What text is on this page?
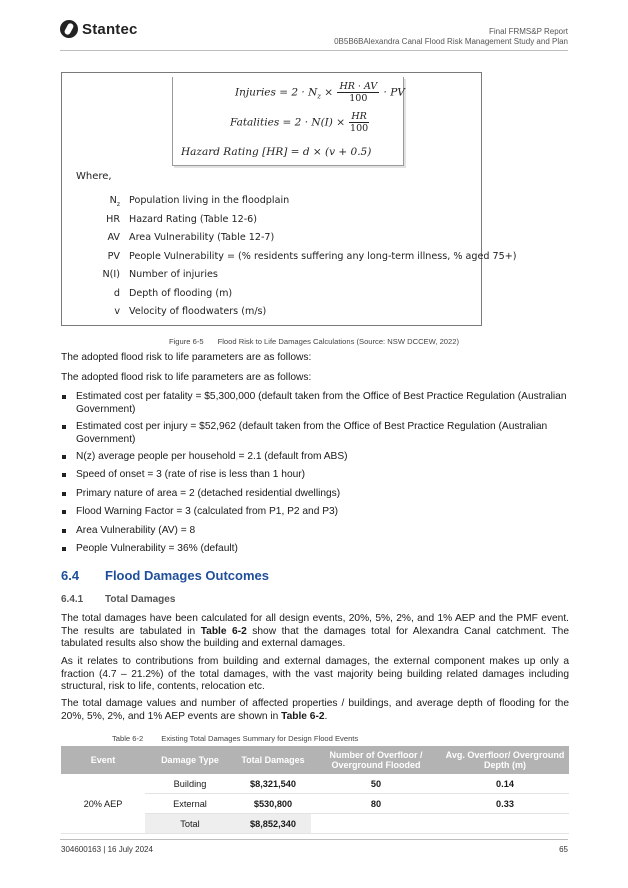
Stantec	Final FRMS&P Report
0B5B6BAlexandra Canal Flood Risk Management Study and Plan
Injuries = $2 \cdot N_z \times \frac{HR \cdot AV}{100}$ · PV
Fatalities = $2 \cdot N(I) \times \frac{HR}{100}$
Hazard Rating [HR] = d × (v + 0.5)
Where,
$N_z$ Population living in the floodplain
HR Hazard Rating (Table 12-6)
AV Area Vulnerability (Table 12-7)
PV People Vulnerability = (% residents suffering any long-term illness, % aged 75+)
N(I) Number of injuries
d Depth of flooding (m)
v Velocity of floodwaters (m/s)
Figure 6-5 Flood Risk to Life Damages Calculations (Source: NSW DCCEW, 2022)
The adopted flood risk to life parameters are as follows:
The adopted flood risk to life parameters are as follows:
Estimated cost per fatality = $5,300,000 (default taken from the Office of Best Practice Regulation (Australian Government)
Estimated cost per injury = $52,962 (default taken from the Office of Best Practice Regulation (Australian Government)
N(z) average people per household = 2.1 (default from ABS)
Speed of onset = 3 (rate of rise is less than 1 hour)
Primary nature of area = 2 (detached residential dwellings)
Flood Warning Factor = 3 (calculated from P1, P2 and P3)
Area Vulnerability (AV) = 8
People Vulnerability = 36% (default)
6.4 Flood Damages Outcomes
6.4.1 Total Damages
The total damages have been calculated for all design events, 20%, 5%, 2%, and 1% AEP and the PMF event. The results are tabulated in Table 6-2 show that the damages total for Alexandra Canal catchment. The tabulated results also show the building and external damages.
As it relates to contributions from building and external damages, the external component makes up only a fraction (4.7 – 21.2%) of the total damages, with the vast majority being building related damages including structural, risk to life, contents, relocation etc.
The total damage values and number of affected properties / buildings, and average depth of flooding for the 20%, 5%, 2%, and 1% AEP events are shown in Table 6-2.
Table 6-2 Existing Total Damages Summary for Design Flood Events
Event	Damage Type	Total Damages	Number of Overfloor / Overground Flooded	Avg. Overfloor/ Overground Depth (m)
20% AEP	Building	$8,321,540	50	0.14
	External	$530,800	80	0.33
	Total	$8,852,340		
304600163 | 16 July 2024	65
